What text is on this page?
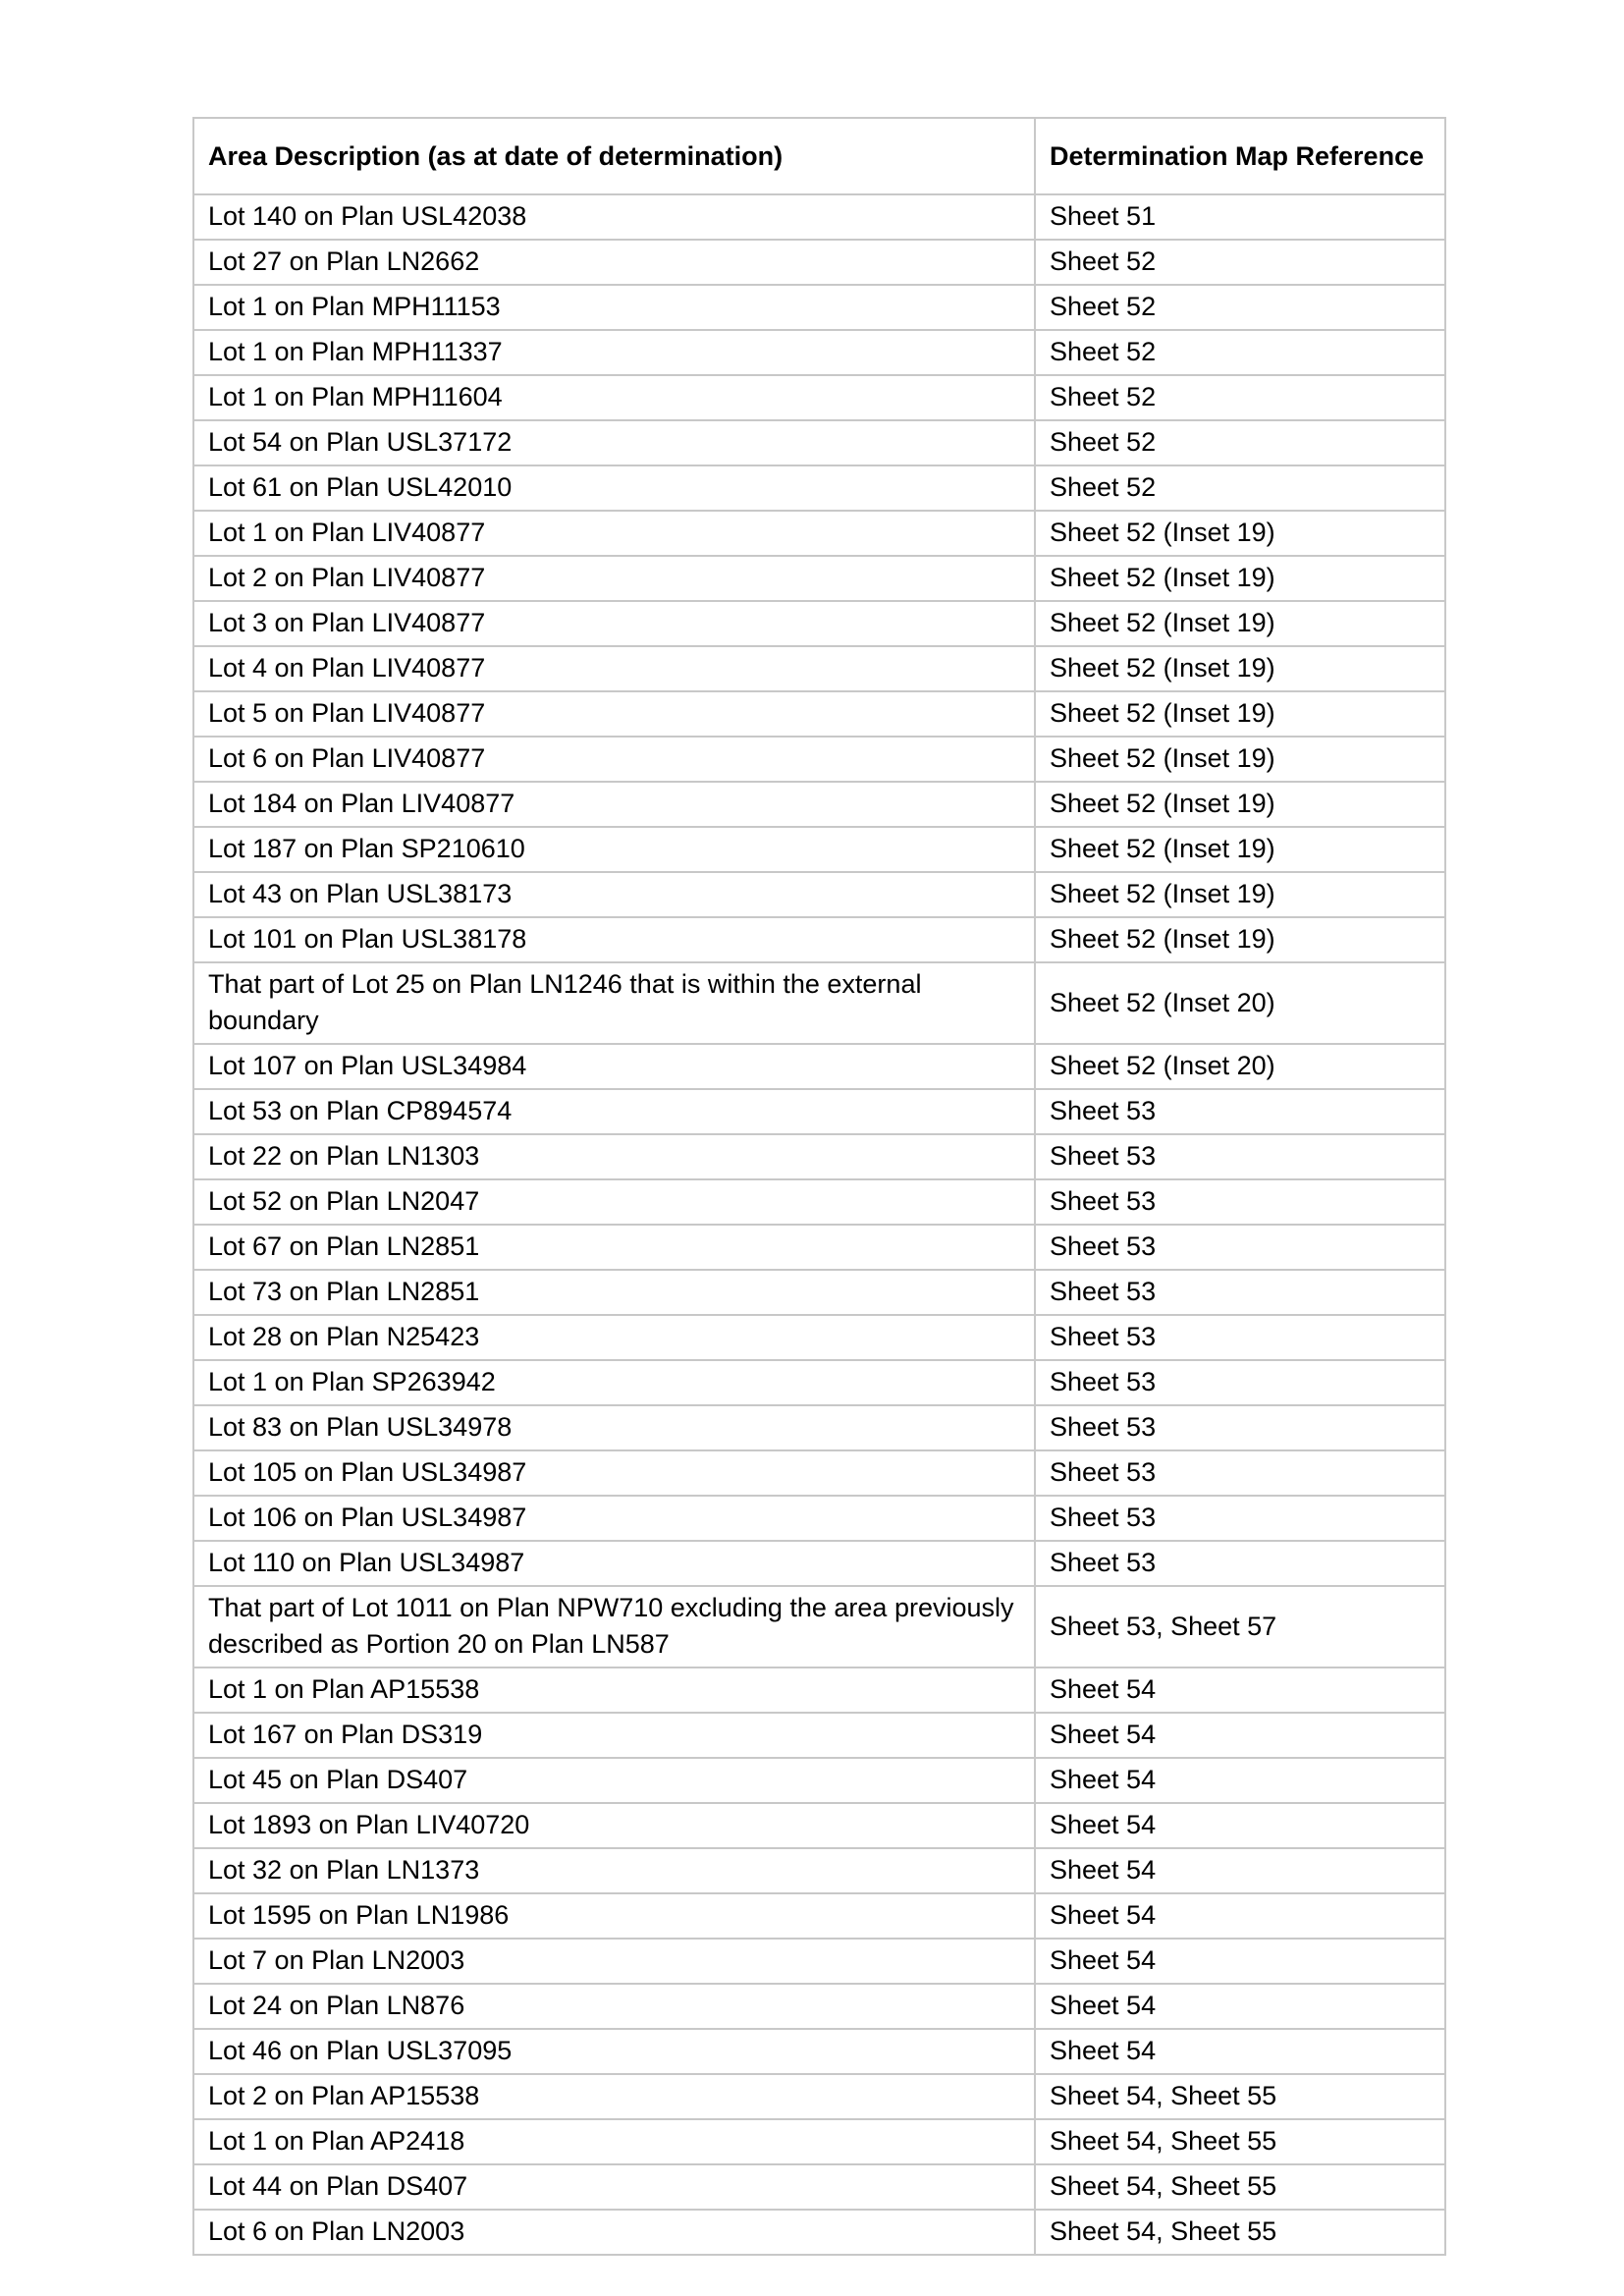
Area Description (as at date of determination)	Determination Map Reference
Lot 140 on Plan USL42038	Sheet 51
Lot 27 on Plan LN2662	Sheet 52
Lot 1 on Plan MPH11153	Sheet 52
Lot 1 on Plan MPH11337	Sheet 52
Lot 1 on Plan MPH11604	Sheet 52
Lot 54 on Plan USL37172	Sheet 52
Lot 61 on Plan USL42010	Sheet 52
Lot 1 on Plan LIV40877	Sheet 52 (Inset 19)
Lot 2 on Plan LIV40877	Sheet 52 (Inset 19)
Lot 3 on Plan LIV40877	Sheet 52 (Inset 19)
Lot 4 on Plan LIV40877	Sheet 52 (Inset 19)
Lot 5 on Plan LIV40877	Sheet 52 (Inset 19)
Lot 6 on Plan LIV40877	Sheet 52 (Inset 19)
Lot 184 on Plan LIV40877	Sheet 52 (Inset 19)
Lot 187 on Plan SP210610	Sheet 52 (Inset 19)
Lot 43 on Plan USL38173	Sheet 52 (Inset 19)
Lot 101 on Plan USL38178	Sheet 52 (Inset 19)
That part of Lot 25 on Plan LN1246 that is within the external boundary	Sheet 52 (Inset 20)
Lot 107 on Plan USL34984	Sheet 52 (Inset 20)
Lot 53 on Plan CP894574	Sheet 53
Lot 22 on Plan LN1303	Sheet 53
Lot 52 on Plan LN2047	Sheet 53
Lot 67 on Plan LN2851	Sheet 53
Lot 73 on Plan LN2851	Sheet 53
Lot 28 on Plan N25423	Sheet 53
Lot 1 on Plan SP263942	Sheet 53
Lot 83 on Plan USL34978	Sheet 53
Lot 105 on Plan USL34987	Sheet 53
Lot 106 on Plan USL34987	Sheet 53
Lot 110 on Plan USL34987	Sheet 53
That part of Lot 1011 on Plan NPW710 excluding the area previously described as Portion 20 on Plan LN587	Sheet 53, Sheet 57
Lot 1 on Plan AP15538	Sheet 54
Lot 167 on Plan DS319	Sheet 54
Lot 45 on Plan DS407	Sheet 54
Lot 1893 on Plan LIV40720	Sheet 54
Lot 32 on Plan LN1373	Sheet 54
Lot 1595 on Plan LN1986	Sheet 54
Lot 7 on Plan LN2003	Sheet 54
Lot 24 on Plan LN876	Sheet 54
Lot 46 on Plan USL37095	Sheet 54
Lot 2 on Plan AP15538	Sheet 54, Sheet 55
Lot 1 on Plan AP2418	Sheet 54, Sheet 55
Lot 44 on Plan DS407	Sheet 54, Sheet 55
Lot 6 on Plan LN2003	Sheet 54, Sheet 55
